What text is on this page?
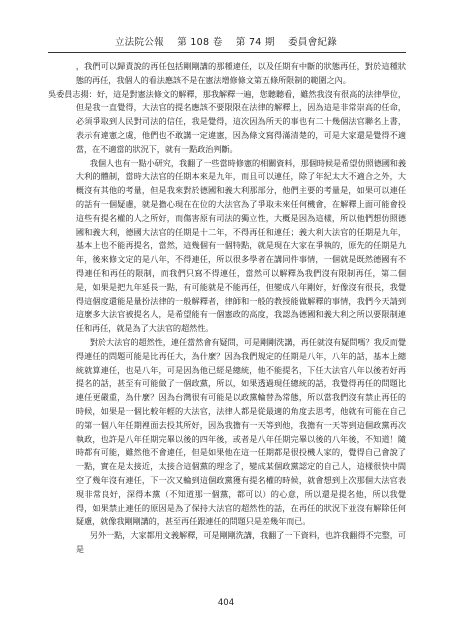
立法院公報 第 108 卷 第 74 期 委員會紀錄

，我們可以歸責說的再任包括剛剛講的那種違任，以及任期有中斷的狀態再任，對於這種狀態的再任，我個人的看法應該不是在憲法增修條文第五條所限制的範圍之內。

吳委員志揚：好，這是對憲法條文的解釋，那我解釋一遍，您聽聽看，雖然我沒有很高的法律學位，但是我一直覺得，大法官的提名應該不要限限在法律的解釋上，因為這是非常崇高的任命，必須爭取到人民對司法的信任，我是覺得，這次因為所天的事也有二十幾個法官聯名上書，表示有違憲之虞，他們也不敢講一定違憲，因為條文寫得滿清楚的，可是大家還是覺得不適當，在不適當的狀況下，就有一點政治判斷。

我個人也有一點小研究，我翻了一些當時修憲的相關資料，那個時候是希望仿照德國和義大利的體制，當時大法官的任期本來是九年，而且可以連任，除了年紀太大不適合之外，大概沒有其他的考量，但是我來對於德國和義大利那部分，他們主要的考量是，如果可以連任的話有一個疑慮，就是擔心現在在位的大法官為了爭取未來任何機會，在解釋上面可能會投這些有提名權的人之所好，而傷害原有司法的獨立性，大概是因為這樣，所以他們想仿照德國和義大利，德國大法官的任期是十二年，不得再任和連任；義大利大法官的任期是九年，基本上也不能再提名，當然，這幾個有一個特點，就是現在大家在爭執的，原先的任期是九年，後來修文定的是八年，不得連任，所以很多學者在講同件事情，一個就是既然德國有不得連任和再任的限制，而我們只寫不得連任，當然可以解釋為我們沒有限制再任，第二個是，如果是把九年延長一點，有可能就是不能再任，但變成八年剛好，好像沒有很長，我覺得這個度還能是量扮法律的一般解釋者，律師和一般的教授能做解釋的事情，我們今天請到這麼多大法官被提名人，是希望能有一個憲政的高度，我認為德國和義大利之所以要限制連任和再任，就是為了大法官的超然性。

對於大法官的超然性，連任當然會有疑問，可是剛剛洗講，再任就沒有疑問嗎？我反而覺得連任的問題可能是比再任大，為什麼？因為我們規定的任期是八年，八年的話，基本上總統就算連任，也是八年，可是因為他已經是總統，他不能提名，下任大法官八年以後若好再提名的話，甚至有可能做了一個政黨，所以，如果透過現任總統的話，我覺得再任的問題比連任更嚴重，為什麼？因為台灣很有可能是以政黨輪替為常態，所以當我們沒有禁止再任的時候，如果是一個比較年輕的大法官，法律人都是從最適的角度去思考，他就有可能在自己的第一個八年任期裡面去投其所好，因為我擔有一天等到他，我擔有一天等到這個政黨再次執政，也許是八年任期完畢以後的四年後，或者是八年任期完畢以後的八年後，不知道！隨時都有可能，雖然他不會違任，但是如果他在這一任期都是很投機人家的，覺得自己會說了一點，實在是太接近，太接合這個黨的理念了，變成某個政黨認定的自己人，這樣很快中間空了幾年沒有連任，下一次又輪到這個政黨獲有提名權的時候，就會想到上次那個大法官表現非常良好，深得本黨（不知道那一個黨，都可以）的心意，所以還是提名他，所以我覺得，如果禁止連任的原因是為了保持大法官的超然性的話，在再任的狀況下並沒有解除任何疑慮，就像我剛剛講的，甚至再任跟連任的問題只是差幾年而已。

另外一點，大家都用文義解釋，可是剛剛洗講，我翻了一下資料，也許我翻得不完整，可是

404
